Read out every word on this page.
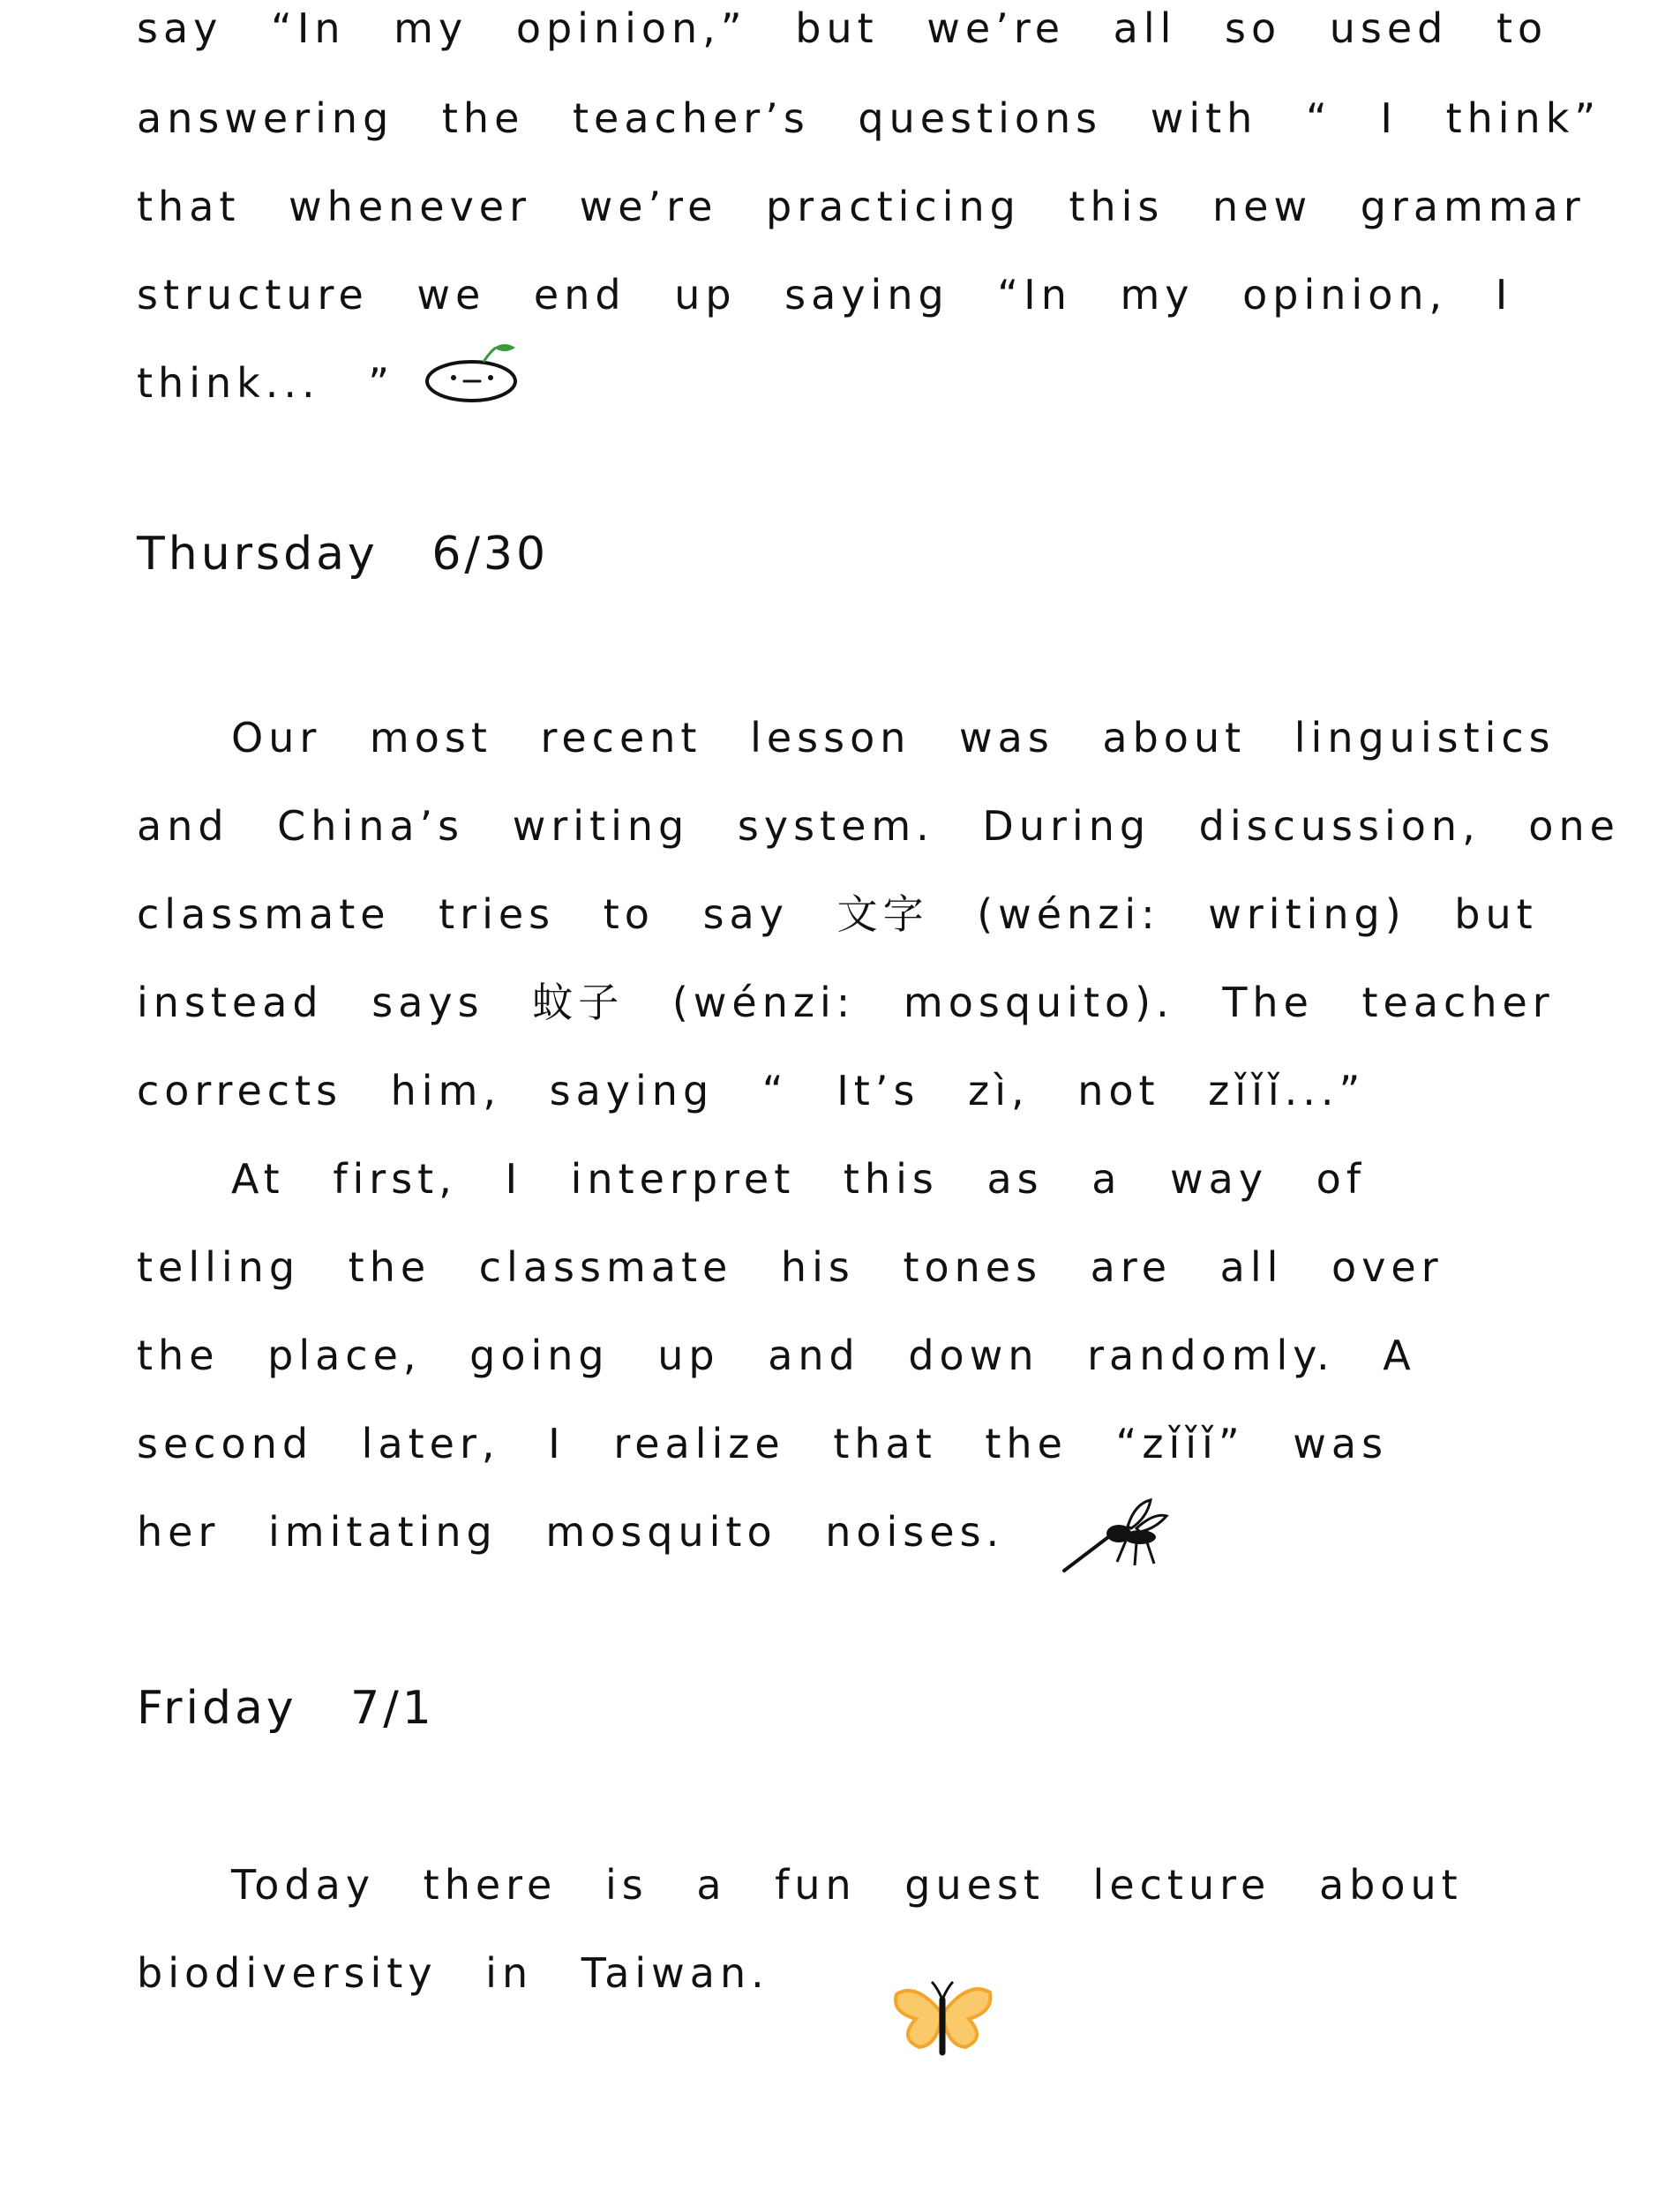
say “In my opinion,” but we’re all so used to
answering the teacher’s questions with “ I think”
that whenever we’re practicing this new grammar
structure we end up saying “In my opinion, I
think... ”
Thursday 6/30
Our most recent lesson was about linguistics
and China’s writing system. During discussion, one
classmate tries to say 文字 (wénzi: writing) but
instead says 蚊子 (wénzi: mosquito). The teacher
corrects him, saying “ It’s zì, not zǐǐǐ...”
At first, I interpret this as a way of
telling the classmate his tones are all over
the place, going up and down randomly. A
second later, I realize that the “zǐǐǐ” was
her imitating mosquito noises.
Friday 7/1
Today there is a fun guest lecture about
biodiversity in Taiwan.
